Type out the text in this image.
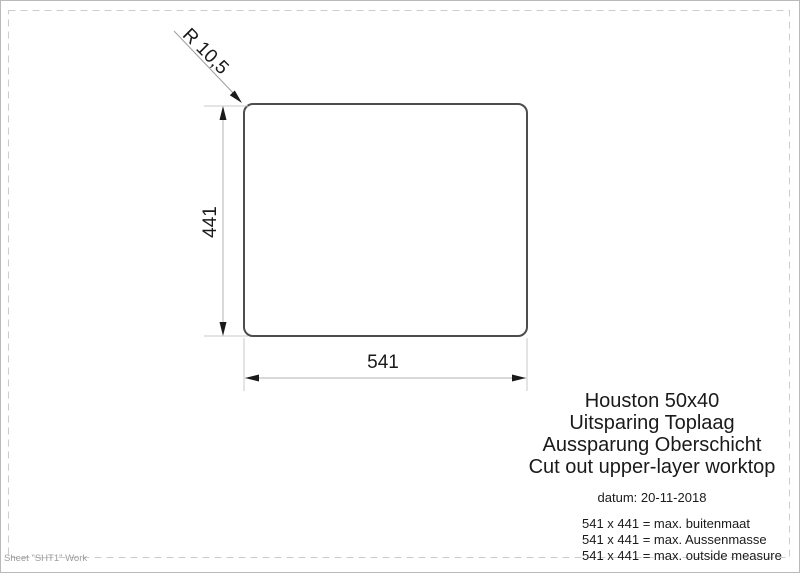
R 10,5
441
541
Houston 50x40
Uitsparing Toplaag
Aussparung Oberschicht
Cut out upper-layer worktop
datum: 20-11-2018
541 x 441 = max. buitenmaat
541 x 441 = max. Aussenmasse
541 x 441 = max. outside measure
Sheet "SHT1" Work
